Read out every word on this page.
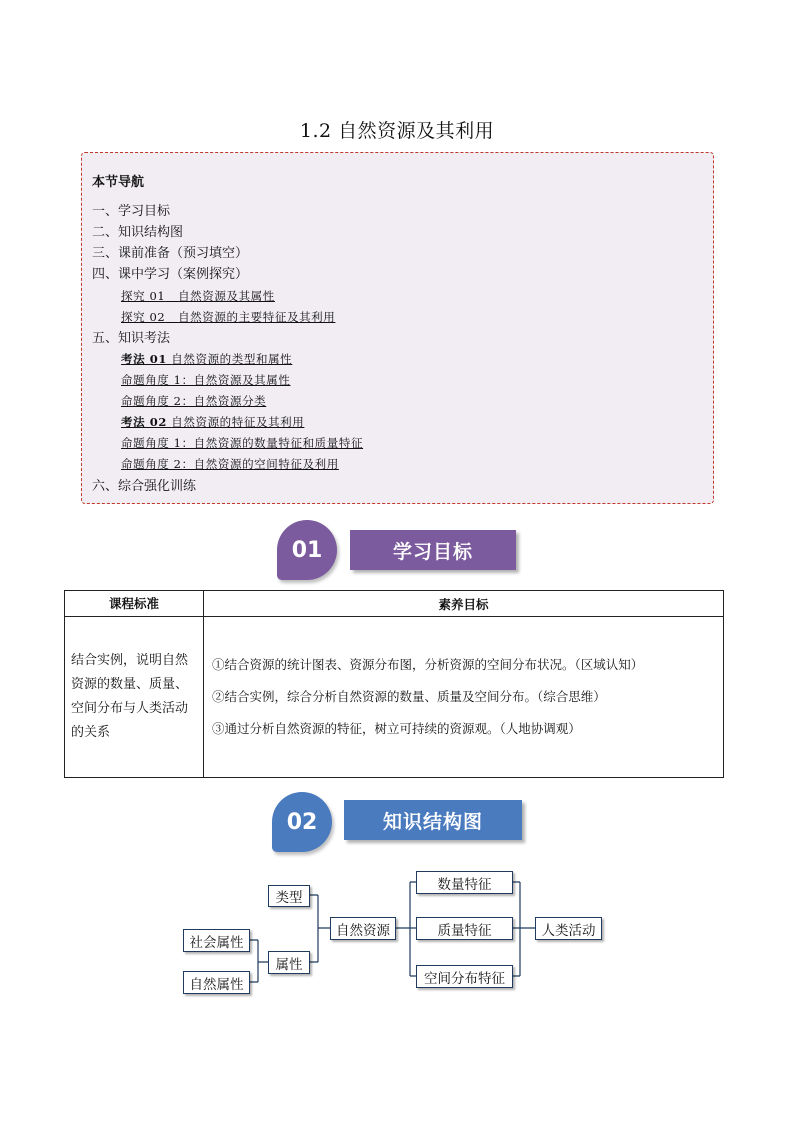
1.2 自然资源及其利用
本节导航
一、学习目标
二、知识结构图
三、课前准备（预习填空）
四、课中学习（案例探究）
探究 01 自然资源及其属性
探究 02 自然资源的主要特征及其利用
五、知识考法
考法 01 自然资源的类型和属性
命题角度 1：自然资源及其属性
命题角度 2：自然资源分类
考法 02 自然资源的特征及其利用
命题角度 1：自然资源的数量特征和质量特征
命题角度 2：自然资源的空间特征及利用
六、综合强化训练
学习目标
01
课程标准	素养目标
结合实例，说明自然资源的数量、质量、空间分布与人类活动的关系	①结合资源的统计图表、资源分布图，分析资源的空间分布状况。（区域认知）
②结合实例，综合分析自然资源的数量、质量及空间分布。（综合思维）
③通过分析自然资源的特征，树立可持续的资源观。（人地协调观）
知识结构图
02
社会属性
自然属性
类型
属性
自然资源
数量特征
质量特征
空间分布特征
人类活动
